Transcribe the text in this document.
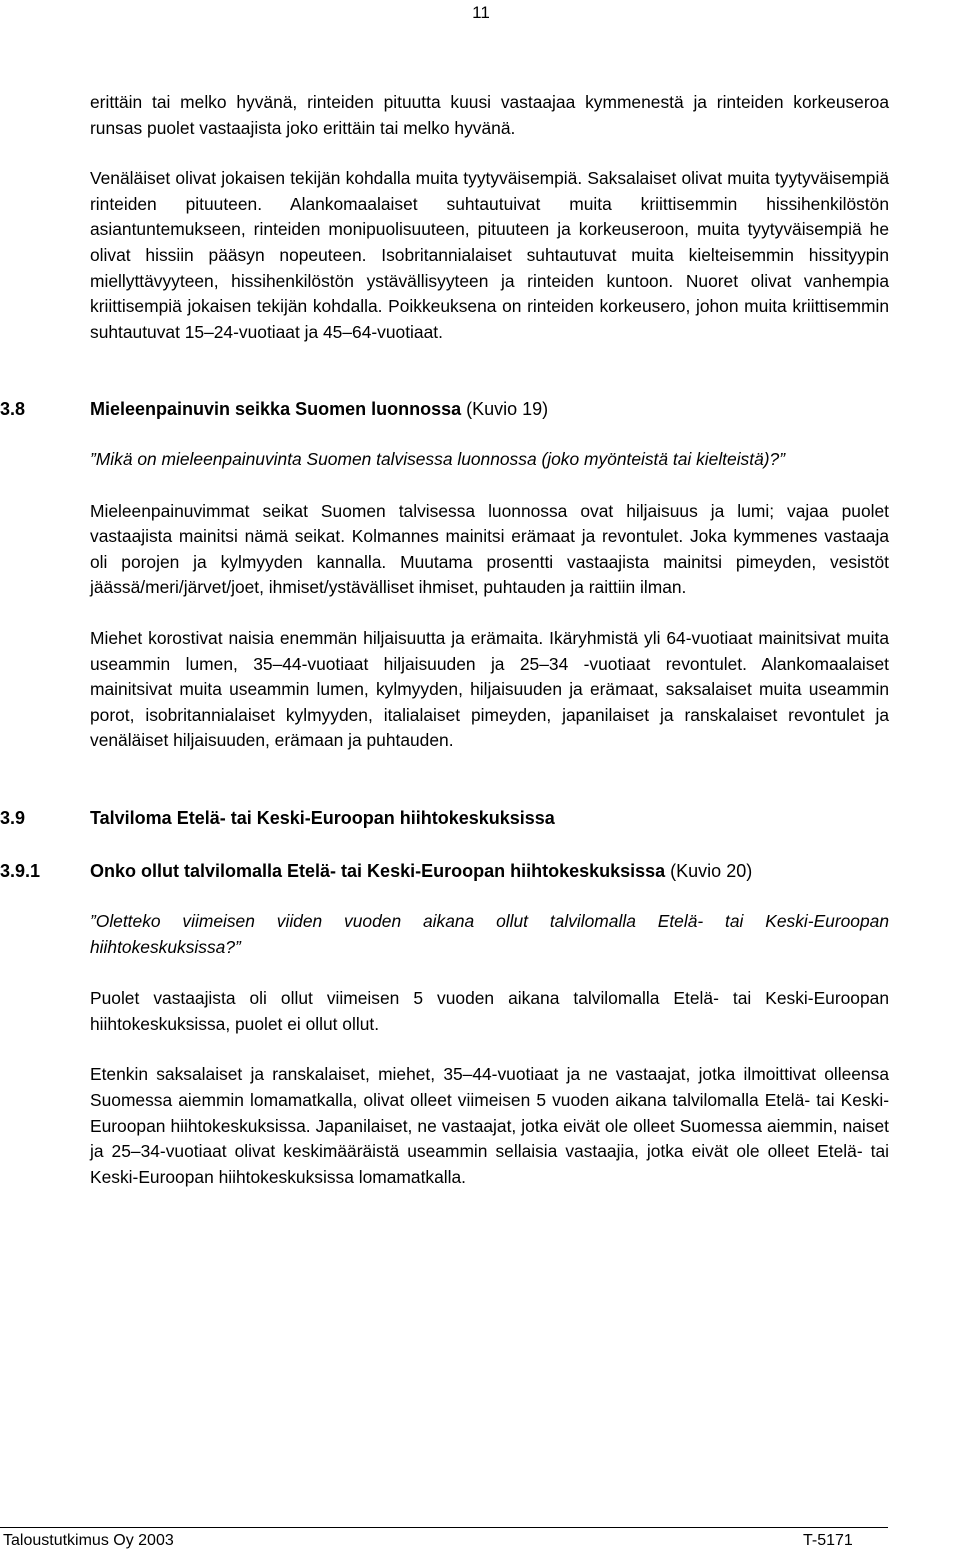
11

erittäin tai melko hyvänä, rinteiden pituutta kuusi vastaajaa kymmenestä ja rinteiden korkeuseroa runsas puolet vastaajista joko erittäin tai melko hyvänä.

Venäläiset olivat jokaisen tekijän kohdalla muita tyytyväisempiä. Saksalaiset olivat muita tyytyväisempiä rinteiden pituuteen. Alankomaalaiset suhtautuivat muita kriittisemmin hissihenkilöstön asiantuntemukseen, rinteiden monipuolisuuteen, pituuteen ja korkeuseroon, muita tyytyväisempiä he olivat hissiin pääsyn nopeuteen. Isobritannialaiset suhtautuvat muita kielteisemmin hissityypin miellyttävyyteen, hissihenkilöstön ystävällisyyteen ja rinteiden kuntoon. Nuoret olivat vanhempia kriittisempiä jokaisen tekijän kohdalla. Poikkeuksena on rinteiden korkeusero, johon muita kriittisemmin suhtautuvat 15–24-vuotiaat ja 45–64-vuotiaat.

3.8	Mieleenpainuvin seikka Suomen luonnossa (Kuvio 19)

”Mikä on mieleenpainuvinta Suomen talvisessa luonnossa (joko myönteistä tai kielteistä)?”

Mieleenpainuvimmat seikat Suomen talvisessa luonnossa ovat hiljaisuus ja lumi; vajaa puolet vastaajista mainitsi nämä seikat. Kolmannes mainitsi erämaat ja revontulet. Joka kymmenes vastaaja oli porojen ja kylmyyden kannalla. Muutama prosentti vastaajista mainitsi pimeyden, vesistöt jäässä/meri/järvet/joet, ihmiset/ystävälliset ihmiset, puhtauden ja raittiin ilman.

Miehet korostivat naisia enemmän hiljaisuutta ja erämaita. Ikäryhmistä yli 64-vuotiaat mainitsivat muita useammin lumen, 35–44-vuotiaat hiljaisuuden ja 25–34 -vuotiaat revontulet. Alankomaalaiset mainitsivat muita useammin lumen, kylmyyden, hiljaisuuden ja erämaat, saksalaiset muita useammin porot, isobritannialaiset kylmyyden, italialaiset pimeyden, japanilaiset ja ranskalaiset revontulet ja venäläiset hiljaisuuden, erämaan ja puhtauden.

3.9	Talviloma Etelä- tai Keski-Euroopan hiihtokeskuksissa
3.9.1	Onko ollut talvilomalla Etelä- tai Keski-Euroopan hiihtokeskuksissa (Kuvio 20)

”Oletteko viimeisen viiden vuoden aikana ollut talvilomalla Etelä- tai Keski-Euroopan hiihtokeskuksissa?”

Puolet vastaajista oli ollut viimeisen 5 vuoden aikana talvilomalla Etelä- tai Keski-Euroopan hiihtokeskuksissa, puolet ei ollut ollut.

Etenkin saksalaiset ja ranskalaiset, miehet, 35–44-vuotiaat ja ne vastaajat, jotka ilmoittivat olleensa Suomessa aiemmin lomamatkalla, olivat olleet viimeisen 5 vuoden aikana talvilomalla Etelä- tai Keski-Euroopan hiihtokeskuksissa. Japanilaiset, ne vastaajat, jotka eivät ole olleet Suomessa aiemmin, naiset ja 25–34-vuotiaat olivat keskimääräistä useammin sellaisia vastaajia, jotka eivät ole olleet Etelä- tai Keski-Euroopan hiihtokeskuksissa lomamatkalla.

Taloustutkimus Oy 2003	T-5171
